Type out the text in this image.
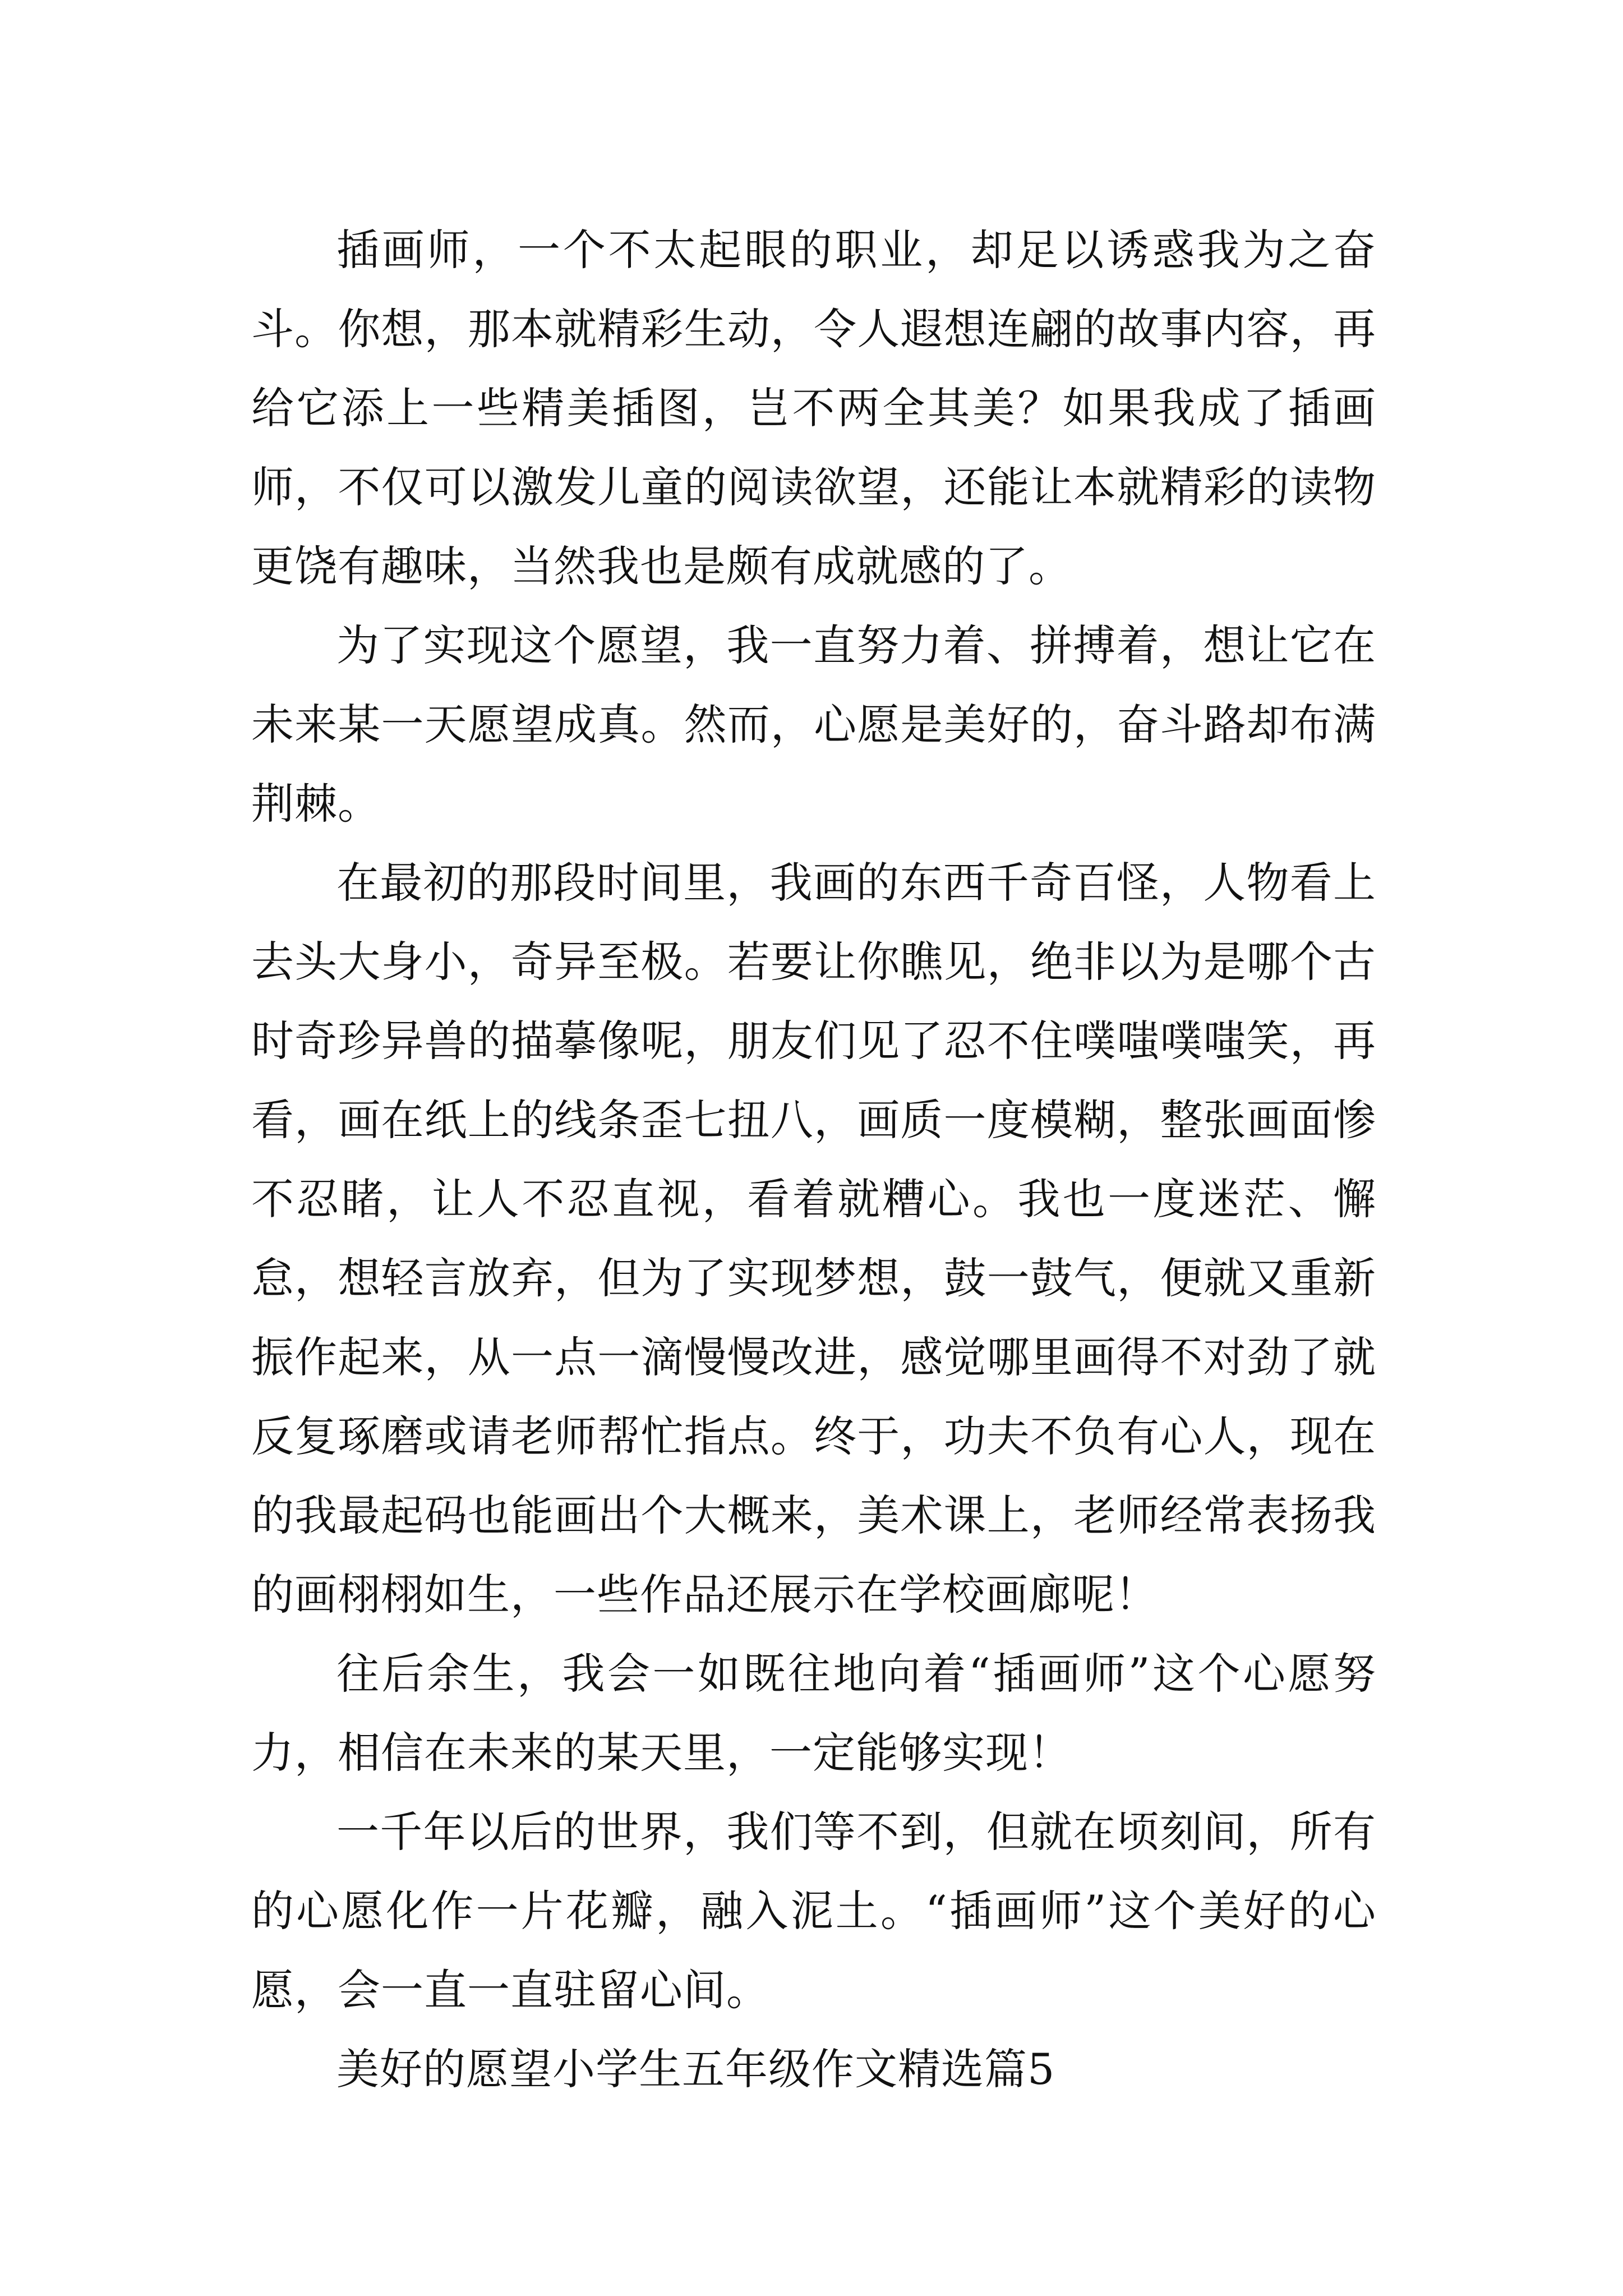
插画师，一个不太起眼的职业，却足以诱惑我为之奋斗。你想，那本就精彩生动，令人遐想连翩的故事内容，再给它添上一些精美插图，岂不两全其美？如果我成了插画师，不仅可以激发儿童的阅读欲望，还能让本就精彩的读物更饶有趣味，当然我也是颇有成就感的了。

为了实现这个愿望，我一直努力着、拼搏着，想让它在未来某一天愿望成真。然而，心愿是美好的，奋斗路却布满荆棘。

在最初的那段时间里，我画的东西千奇百怪，人物看上去头大身小，奇异至极。若要让你瞧见，绝非以为是哪个古时奇珍异兽的描摹像呢，朋友们见了忍不住噗嗤噗嗤笑，再看，画在纸上的线条歪七扭八，画质一度模糊，整张画面惨不忍睹，让人不忍直视，看着就糟心。我也一度迷茫、懈怠，想轻言放弃，但为了实现梦想，鼓一鼓气，便就又重新振作起来，从一点一滴慢慢改进，感觉哪里画得不对劲了就反复琢磨或请老师帮忙指点。终于，功夫不负有心人，现在的我最起码也能画出个大概来，美术课上，老师经常表扬我的画栩栩如生，一些作品还展示在学校画廊呢！

往后余生，我会一如既往地向着“插画师”这个心愿努力，相信在未来的某天里，一定能够实现！

一千年以后的世界，我们等不到，但就在顷刻间，所有的心愿化作一片花瓣，融入泥土。“插画师”这个美好的心愿，会一直一直驻留心间。

美好的愿望小学生五年级作文精选篇5
